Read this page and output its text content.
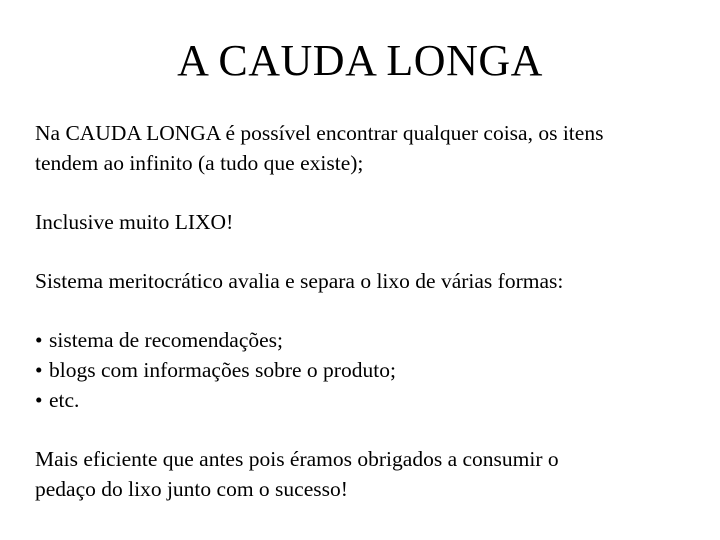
A CAUDA LONGA

Na CAUDA LONGA é possível encontrar qualquer coisa, os itens
tendem ao infinito (a tudo que existe);

Inclusive muito LIXO!

Sistema meritocrático avalia e separa o lixo de várias formas:

• sistema de recomendações;
• blogs com informações sobre o produto;
• etc.

Mais eficiente que antes pois éramos obrigados a consumir o
pedaço do lixo junto com o sucesso!
